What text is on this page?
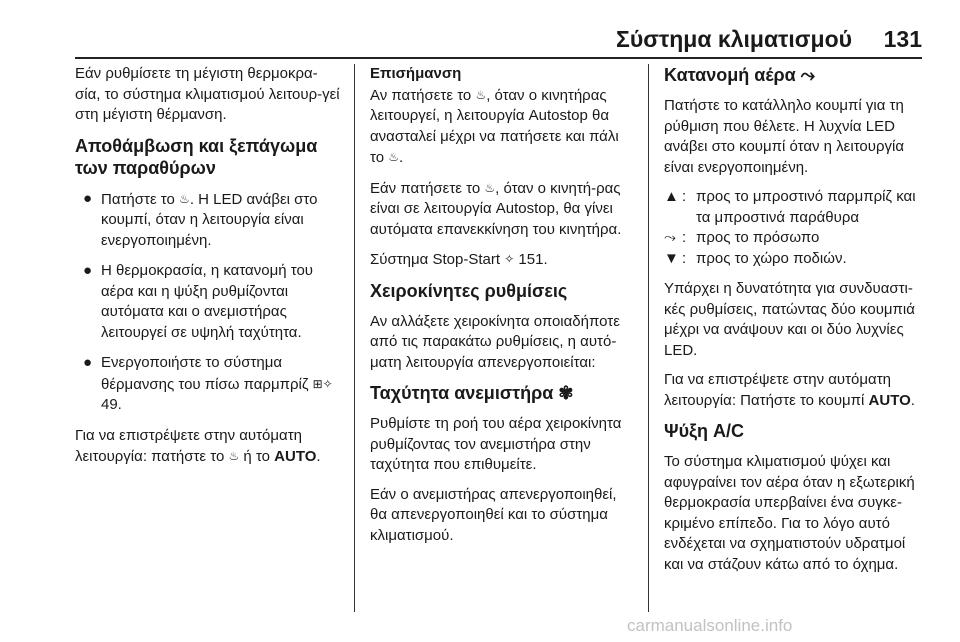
Σύστημα κλιματισμού 131

Εάν ρυθμίσετε τη μέγιστη θερμοκρα-σία, το σύστημα κλιματισμού λειτουρ-γεί στη μέγιστη θέρμανση.

Αποθάμβωση και ξεπάγωμα των παραθύρων
● Πατήστε το ♨. Η LED ανάβει στο κουμπί, όταν η λειτουργία είναι ενεργοποιημένη.
● Η θερμοκρασία, η κατανομή του αέρα και η ψύξη ρυθμίζονται αυτόματα και ο ανεμιστήρας λειτουργεί σε υψηλή ταχύτητα.
● Ενεργοποιήστε το σύστημα θέρμανσης του πίσω παρμπρίζ ⊞✧ 49.

Για να επιστρέψετε στην αυτόματη λειτουργία: πατήστε το ♨ ή το AUTO.

Επισήμανση
Αν πατήσετε το ♨, όταν ο κινητήρας λειτουργεί, η λειτουργία Autostop θα ανασταλεί μέχρι να πατήσετε και πάλι το ♨.

Εάν πατήσετε το ♨, όταν ο κινητή-ρας είναι σε λειτουργία Autostop, θα γίνει αυτόματα επανεκκίνηση του κινητήρα.

Σύστημα Stop-Start ✧ 151.

Χειροκίνητες ρυθμίσεις

Αν αλλάξετε χειροκίνητα οποιαδήποτε από τις παρακάτω ρυθμίσεις, η αυτό-ματη λειτουργία απενεργοποιείται:

Ταχύτητα ανεμιστήρα ✾

Ρυθμίστε τη ροή του αέρα χειροκίνητα ρυθμίζοντας τον ανεμιστήρα στην ταχύτητα που επιθυμείτε.

Εάν ο ανεμιστήρας απενεργοποιηθεί, θα απενεργοποιηθεί και το σύστημα κλιματισμού.

Κατανομή αέρα ⤳

Πατήστε το κατάλληλο κουμπί για τη ρύθμιση που θέλετε. Η λυχνία LED ανάβει στο κουμπί όταν η λειτουργία είναι ενεργοποιημένη.

▲ : προς το μπροστινό παρμπρίζ και τα μπροστινά παράθυρα
⤳ : προς το πρόσωπο
▼ : προς το χώρο ποδιών.

Υπάρχει η δυνατότητα για συνδυαστι-κές ρυθμίσεις, πατώντας δύο κουμπιά μέχρι να ανάψουν και οι δύο λυχνίες LED.

Για να επιστρέψετε στην αυτόματη λειτουργία: Πατήστε το κουμπί AUTO.

Ψύξη A/C

Το σύστημα κλιματισμού ψύχει και αφυγραίνει τον αέρα όταν η εξωτερική θερμοκρασία υπερβαίνει ένα συγκε-κριμένο επίπεδο. Για το λόγο αυτό ενδέχεται να σχηματιστούν υδρατμοί και να στάζουν κάτω από το όχημα.

carmanualsonline.info
